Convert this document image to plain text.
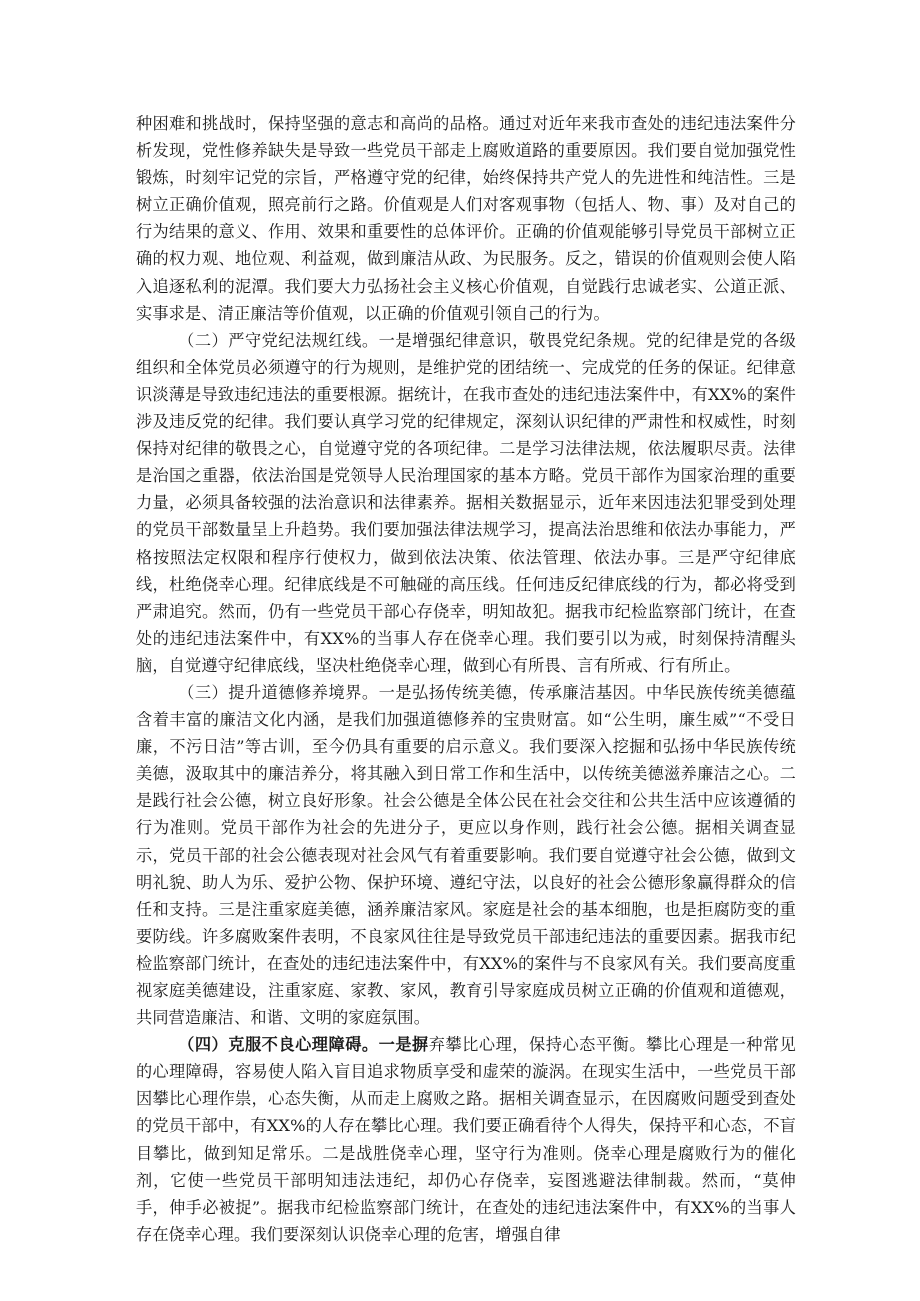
种困难和挑战时，保持坚强的意志和高尚的品格。通过对近年来我市查处的违纪违法案件分析发现，党性修养缺失是导致一些党员干部走上腐败道路的重要原因。我们要自觉加强党性锻炼，时刻牢记党的宗旨，严格遵守党的纪律，始终保持共产党人的先进性和纯洁性。三是树立正确价值观，照亮前行之路。价值观是人们对客观事物（包括人、物、事）及对自己的行为结果的意义、作用、效果和重要性的总体评价。正确的价值观能够引导党员干部树立正确的权力观、地位观、利益观，做到廉洁从政、为民服务。反之，错误的价值观则会使人陷入追逐私利的泥潭。我们要大力弘扬社会主义核心价值观，自觉践行忠诚老实、公道正派、实事求是、清正廉洁等价值观，以正确的价值观引领自己的行为。

（二）严守党纪法规红线。一是增强纪律意识，敬畏党纪条规。党的纪律是党的各级组织和全体党员必须遵守的行为规则，是维护党的团结统一、完成党的任务的保证。纪律意识淡薄是导致违纪违法的重要根源。据统计，在我市查处的违纪违法案件中，有XX%的案件涉及违反党的纪律。我们要认真学习党的纪律规定，深刻认识纪律的严肃性和权威性，时刻保持对纪律的敬畏之心，自觉遵守党的各项纪律。二是学习法律法规，依法履职尽责。法律是治国之重器，依法治国是党领导人民治理国家的基本方略。党员干部作为国家治理的重要力量，必须具备较强的法治意识和法律素养。据相关数据显示，近年来因违法犯罪受到处理的党员干部数量呈上升趋势。我们要加强法律法规学习，提高法治思维和依法办事能力，严格按照法定权限和程序行使权力，做到依法决策、依法管理、依法办事。三是严守纪律底线，杜绝侥幸心理。纪律底线是不可触碰的高压线。任何违反纪律底线的行为，都必将受到严肃追究。然而，仍有一些党员干部心存侥幸，明知故犯。据我市纪检监察部门统计，在查处的违纪违法案件中，有XX%的当事人存在侥幸心理。我们要引以为戒，时刻保持清醒头脑，自觉遵守纪律底线，坚决杜绝侥幸心理，做到心有所畏、言有所戒、行有所止。

（三）提升道德修养境界。一是弘扬传统美德，传承廉洁基因。中华民族传统美德蕴含着丰富的廉洁文化内涵，是我们加强道德修养的宝贵财富。如“公生明，廉生威”“不受日廉，不污日洁”等古训，至今仍具有重要的启示意义。我们要深入挖掘和弘扬中华民族传统美德，汲取其中的廉洁养分，将其融入到日常工作和生活中，以传统美德滋养廉洁之心。二是践行社会公德，树立良好形象。社会公德是全体公民在社会交往和公共生活中应该遵循的行为准则。党员干部作为社会的先进分子，更应以身作则，践行社会公德。据相关调查显示，党员干部的社会公德表现对社会风气有着重要影响。我们要自觉遵守社会公德，做到文明礼貌、助人为乐、爱护公物、保护环境、遵纪守法，以良好的社会公德形象赢得群众的信任和支持。三是注重家庭美德，涵养廉洁家风。家庭是社会的基本细胞，也是拒腐防变的重要防线。许多腐败案件表明，不良家风往往是导致党员干部违纪违法的重要因素。据我市纪检监察部门统计，在查处的违纪违法案件中，有XX%的案件与不良家风有关。我们要高度重视家庭美德建设，注重家庭、家教、家风，教育引导家庭成员树立正确的价值观和道德观，共同营造廉洁、和谐、文明的家庭氛围。

（四）克服不良心理障碍。一是摒弃攀比心理，保持心态平衡。攀比心理是一种常见的心理障碍，容易使人陷入盲目追求物质享受和虚荣的漩涡。在现实生活中，一些党员干部因攀比心理作祟，心态失衡，从而走上腐败之路。据相关调查显示，在因腐败问题受到查处的党员干部中，有XX%的人存在攀比心理。我们要正确看待个人得失，保持平和心态，不盲目攀比，做到知足常乐。二是战胜侥幸心理，坚守行为准则。侥幸心理是腐败行为的催化剂，它使一些党员干部明知违法违纪，却仍心存侥幸，妄图逃避法律制裁。然而，“莫伸手，伸手必被捉”。据我市纪检监察部门统计，在查处的违纪违法案件中，有XX%的当事人存在侥幸心理。我们要深刻认识侥幸心理的危害，增强自律
